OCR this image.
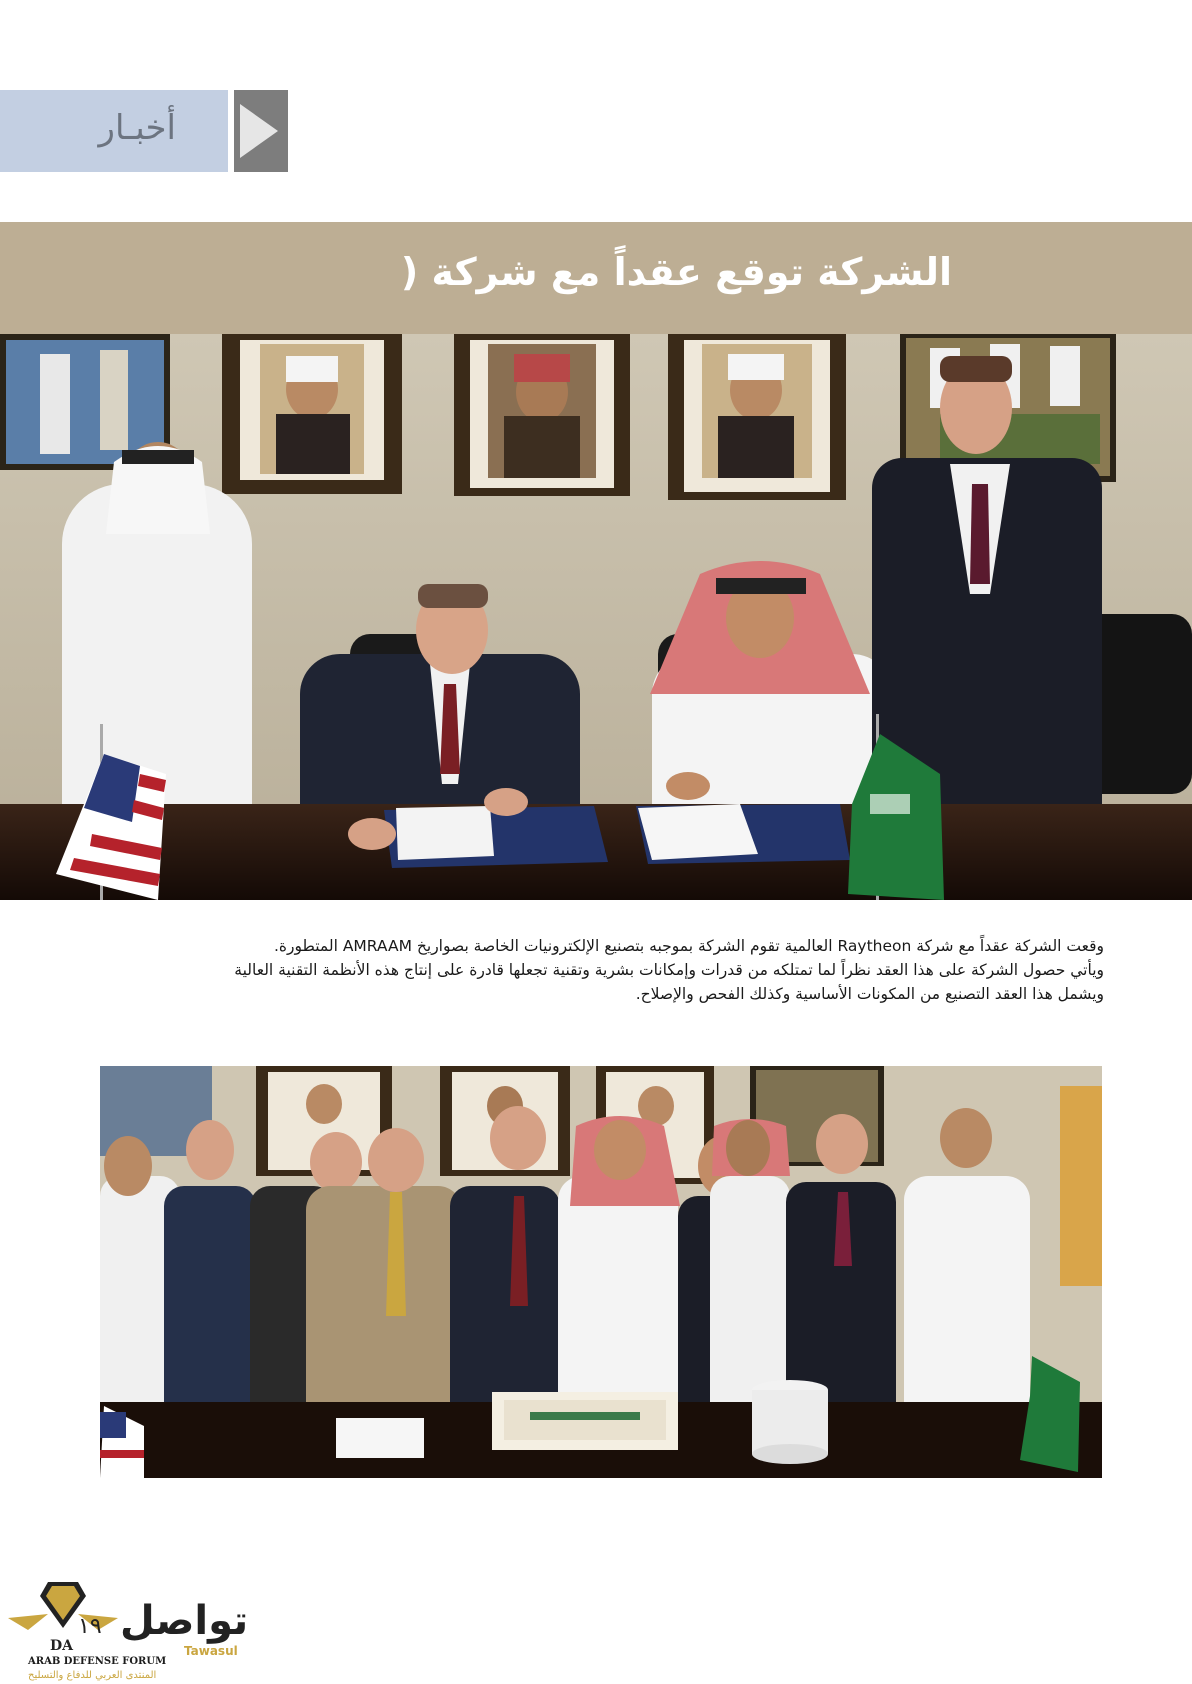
أخبـار
الشركة توقع عقداً مع شركة (

وقعت الشركة عقداً مع شركة Raytheon العالمية تقوم الشركة بموجبه بتصنيع الإلكترونيات الخاصة بصواريخ AMRAAM المتطورة.

ويأتي حصول الشركة على هذا العقد نظراً لما تمتلكه من قدرات وإمكانات بشرية وتقنية تجعلها قادرة على إنتاج هذه الأنظمة التقنية العالية

ويشمل هذا العقد التصنيع من المكونات الأساسية وكذلك الفحص والإصلاح.

DA
١٩ تواصل
Tawasul
ARAB DEFENSE FORUM
المنتدى العربي للدفاع والتسليح
